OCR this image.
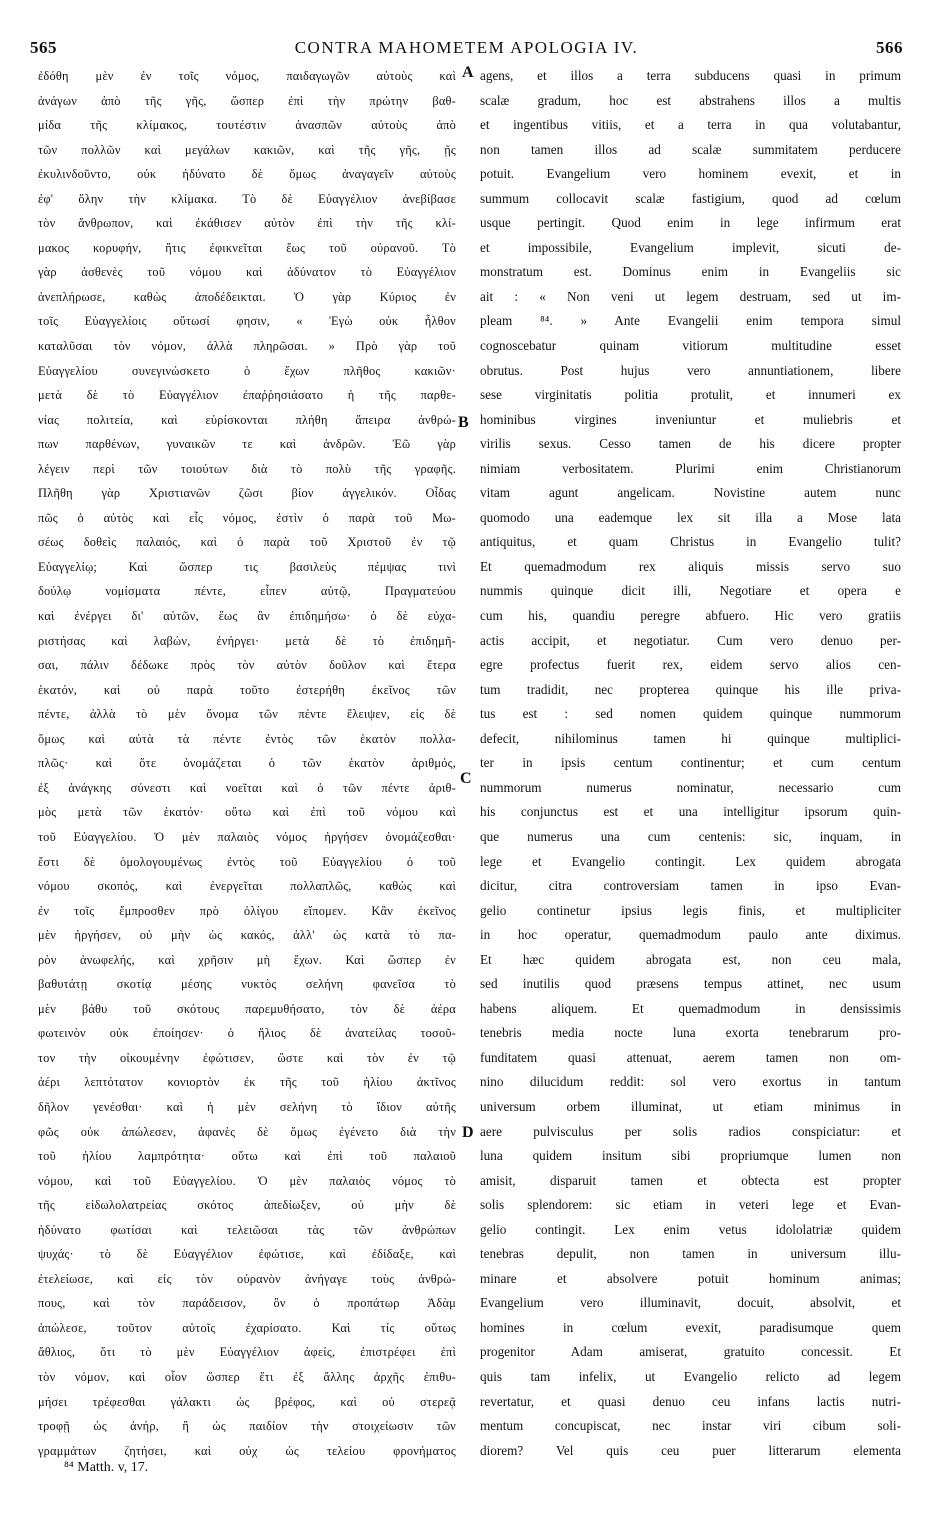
565	CONTRA MAHOMETEM APOLOGIA IV.	566
ἐδόθη μὲν ἐν τοῖς νόμος, παιδαγωγῶν αὐτοὺς καὶ
ἀνάγων ἀπὸ τῆς γῆς, ὥσπερ ἐπὶ τὴν πρώτην βαθ-
μίδα τῆς κλίμακος, τουτέστιν ἀνασπῶν αὐτοὺς ἀπὸ
τῶν πολλῶν καὶ μεγάλων κακιῶν, καὶ τῆς γῆς, ῇς
ἐκυλινδοῦντο, οὐκ ἠδύνατο δὲ ὅμως ἀναγαγεῖν αὐτοὺς
ἐφ' ὅλην τὴν κλίμακα. Τὸ δὲ Εὐαγγέλιον ἀνεβίβασε
τὸν ἄνθρωπον, καὶ ἐκάθισεν αὐτὸν ἐπὶ τὴν τῆς κλί-
μακος κορυφήν, ἥτις ἐφικνεῖται ἕως τοῦ οὐρανοῦ. Τὸ
γὰρ ἀσθενὲς τοῦ νόμου καὶ ἀδύνατον τὸ Εὐαγγέλιον
ἀνεπλήρωσε, καθὼς ἀποδέδεικται. Ὁ γὰρ Κύριος ἐν
τοῖς Εὐαγγελίοις οὕτωσί φησιν, « Ἐγὼ οὐκ ἦλθον
καταλῦσαι τὸν νόμον, ἀλλὰ πληρῶσαι. » Πρὸ γὰρ τοῦ
Εὐαγγελίου συνεγινώσκετο ὁ ἔχων πλῆθος κακιῶν·
μετὰ δὲ τὸ Εὐαγγέλιον ἐπαῤῥησιάσατο ἡ τῆς παρθε-
νίας πολιτεία, καὶ εὑρίσκονται πλήθη ἄπειρα ἀνθρώ-
πων παρθένων, γυναικῶν τε καὶ ἀνδρῶν. Ἐῶ γὰρ
λέγειν περὶ τῶν τοιούτων διὰ τὸ πολὺ τῆς γραφῆς.
Πλῆθη γὰρ Χριστιανῶν ζῶσι βίον ἀγγελικόν. Οἶδας
πῶς ὁ αὐτὸς καὶ εἷς νόμος, ἐστὶν ὁ παρὰ τοῦ Μω-
σέως δοθεὶς παλαιός, καὶ ὁ παρὰ τοῦ Χριστοῦ ἐν τῷ
Εὐαγγελίῳ; Καὶ ὥσπερ τις βασιλεὺς πέμψας τινὶ
δούλῳ νομίσματα πέντε, εἶπεν αὐτῷ, Πραγματεύου
καὶ ἐνέργει δι' αὐτῶν, ἕως ἂν ἐπιδημήσω· ὁ δὲ εὐχα-
ριστήσας καὶ λαβών, ἐνήργει· μετὰ δὲ τὸ ἐπιδημῆ-
σαι, πάλιν δέδωκε πρὸς τὸν αὐτὸν δοῦλον καὶ ἕτερα
ἑκατόν, καὶ οὐ παρὰ τοῦτο ἐστερήθη ἐκεῖνος τῶν
πέντε, ἀλλὰ τὸ μὲν ὄνομα τῶν πέντε ἔλειψεν, εἰς δὲ
ὅμως καὶ αὐτὰ τὰ πέντε ἐντὸς τῶν ἑκατὸν πολλα-
πλῶς· καὶ ὅτε ὀνομάζεται ὁ τῶν ἑκατὸν ἀριθμός,
ἐξ ἀνάγκης σύνεστι καὶ νοεῖται καὶ ὁ τῶν πέντε ἀριθ-
μὸς μετὰ τῶν ἑκατόν· οὕτω καὶ ἐπὶ τοῦ νόμου καὶ
τοῦ Εὐαγγελίου. Ὁ μὲν παλαιὸς νόμος ἠργήσεν ὀνομάζεσθαι·
ἔστι δὲ ὁμολογουμένως ἐντὸς τοῦ Εὐαγγελίου ὁ τοῦ
νόμου σκοπός, καὶ ἐνεργεῖται πολλαπλῶς, καθὼς καὶ
ἐν τοῖς ἔμπροσθεν πρὸ ὀλίγου εἴπομεν. Κἂν ἐκεῖνος
μὲν ἠργήσεν, οὐ μὴν ὡς κακός, ἀλλ' ὡς κατὰ τὸ πα-
ρὸν ἀνωφελής, καὶ χρῆσιν μὴ ἔχων. Καὶ ὥσπερ ἐν
βαθυτάτῃ σκοτίᾳ μέσης νυκτὸς σελήνη φανεῖσα τὸ
μὲν βάθυ τοῦ σκότους παρεμυθήσατο, τὸν δὲ ἀέρα
φωτεινὸν οὐκ ἐποίησεν· ὁ ἥλιος δὲ ἀνατείλας τοσοῦ-
τον τὴν οἰκουμένην ἐφώτισεν, ὥστε καὶ τὸν ἐν τῷ
ἀέρι λεπτότατον κονιορτὸν ἐκ τῆς τοῦ ἡλίου ἀκτῖνος
δῆλον γενέσθαι· καὶ ἡ μὲν σελήνη τὸ ἴδιον αὐτῆς
φῶς οὐκ ἀπώλεσεν, ἀφανὲς δὲ ὅμως ἐγένετο διὰ τὴν
τοῦ ἡλίου λαμπρότητα· οὕτω καὶ ἐπὶ τοῦ παλαιοῦ
νόμου, καὶ τοῦ Εὐαγγελίου. Ὁ μὲν παλαιὸς νόμος τὸ
τῆς εἰδωλολατρείας σκότος ἀπεδίωξεν, οὐ μὴν δὲ
ἠδύνατο φωτίσαι καὶ τελειῶσαι τὰς τῶν ἀνθρώπων
ψυχάς· τὸ δὲ Εὐαγγέλιον ἐφώτισε, καὶ ἐδίδαξε, καὶ
ἐτελείωσε, καὶ εἰς τὸν οὐρανὸν ἀνήγαγε τοὺς ἀνθρώ-
πους, καὶ τὸν παράδεισον, ὃν ὁ προπάτωρ Ἀδὰμ
ἀπώλεσε, τοῦτον αὐτοῖς ἐχαρίσατο. Καὶ τίς οὕτως
ἄθλιος, ὅτι τὸ μὲν Εὐαγγέλιον ἀφείς, ἐπιστρέφει ἐπὶ
τὸν νόμον, καὶ οἷον ὥσπερ ἔτι ἐξ ἄλλης ἀρχῆς ἐπιθυ-
μήσει τρέφεσθαι γάλακτι ὡς βρέφος, καὶ οὐ στερεᾷ
τροφῇ ὡς ἀνήρ, ἢ ὡς παιδίον τὴν στοιχείωσιν τῶν
γραμμάτων ζητήσει, καὶ οὐχ ὡς τελείου φρονήματος
agens, et illos a terra subducens quasi in primum
scalæ gradum, hoc est abstrahens illos a multis
et ingentibus vitiis, et a terra in qua volutabantur,
non tamen illos ad scalæ summitatem perducere
potuit. Evangelium vero hominem evexit, et in
summum collocavit scalæ fastigium, quod ad cœlum
usque pertingit. Quod enim in lege infirmum erat
et impossibile, Evangelium implevit, sicuti de-
monstratum est. Dominus enim in Evangeliis sic
ait : « Non veni ut legem destruam, sed ut im-
pleam ⁸⁴. » Ante Evangelii enim tempora simul
cognoscebatur quinam vitiorum multitudine esset
obrutus. Post hujus vero annuntiationem, libere
sese virginitatis politia protulit, et innumeri ex
hominibus virgines inveniuntur et muliebris et
virilis sexus. Cesso tamen de his dicere propter
nimiam verbositatem. Plurimi enim Christianorum
vitam agunt angelicam. Novistine autem nunc
quomodo una eademque lex sit illa a Mose lata
antiquitus, et quam Christus in Evangelio tulit?
Et quemadmodum rex aliquis missis servo suo
nummis quinque dicit illi, Negotiare et opera e
cum his, quandiu peregre abfuero. Hic vero gratiis
actis accipit, et negotiatur. Cum vero denuo per-
egre profectus fuerit rex, eidem servo alios cen-
tum tradidit, nec propterea quinque his ille priva-
tus est : sed nomen quidem quinque nummorum
defecit, nihilominus tamen hi quinque multiplici-
ter in ipsis centum continentur; et cum centum
nummorum numerus nominatur, necessario cum
his conjunctus est et una intelligitur ipsorum quin-
que numerus una cum centenis: sic, inquam, in
lege et Evangelio contingit. Lex quidem abrogata
dicitur, citra controversiam tamen in ipso Evan-
gelio continetur ipsius legis finis, et multipliciter
in hoc operatur, quemadmodum paulo ante diximus.
Et hæc quidem abrogata est, non ceu mala,
sed inutilis quod præsens tempus attinet, nec usum
habens aliquem. Et quemadmodum in densissimis
tenebris media nocte luna exorta tenebrarum pro-
funditatem quasi attenuat, aerem tamen non om-
nino dilucidum reddit: sol vero exortus in tantum
universum orbem illuminat, ut etiam minimus in
aere pulvisculus per solis radios conspiciatur: et
luna quidem insitum sibi propriumque lumen non
amisit, disparuit tamen et obtecta est propter
solis splendorem: sic etiam in veteri lege et Evan-
gelio contingit. Lex enim vetus idololatriæ quidem
tenebras depulit, non tamen in universum illu-
minare et absolvere potuit hominum animas;
Evangelium vero illuminavit, docuit, absolvit, et
homines in cœlum evexit, paradisumque quem
progenitor Adam amiserat, gratuito concessit. Et
quis tam infelix, ut Evangelio relicto ad legem
revertatur, et quasi denuo ceu infans lactis nutri-
mentum concupiscat, nec instar viri cibum soli-
diorem? Vel quis ceu puer litterarum elementa
A
B
C
D
⁸⁴ Matth. v, 17.
